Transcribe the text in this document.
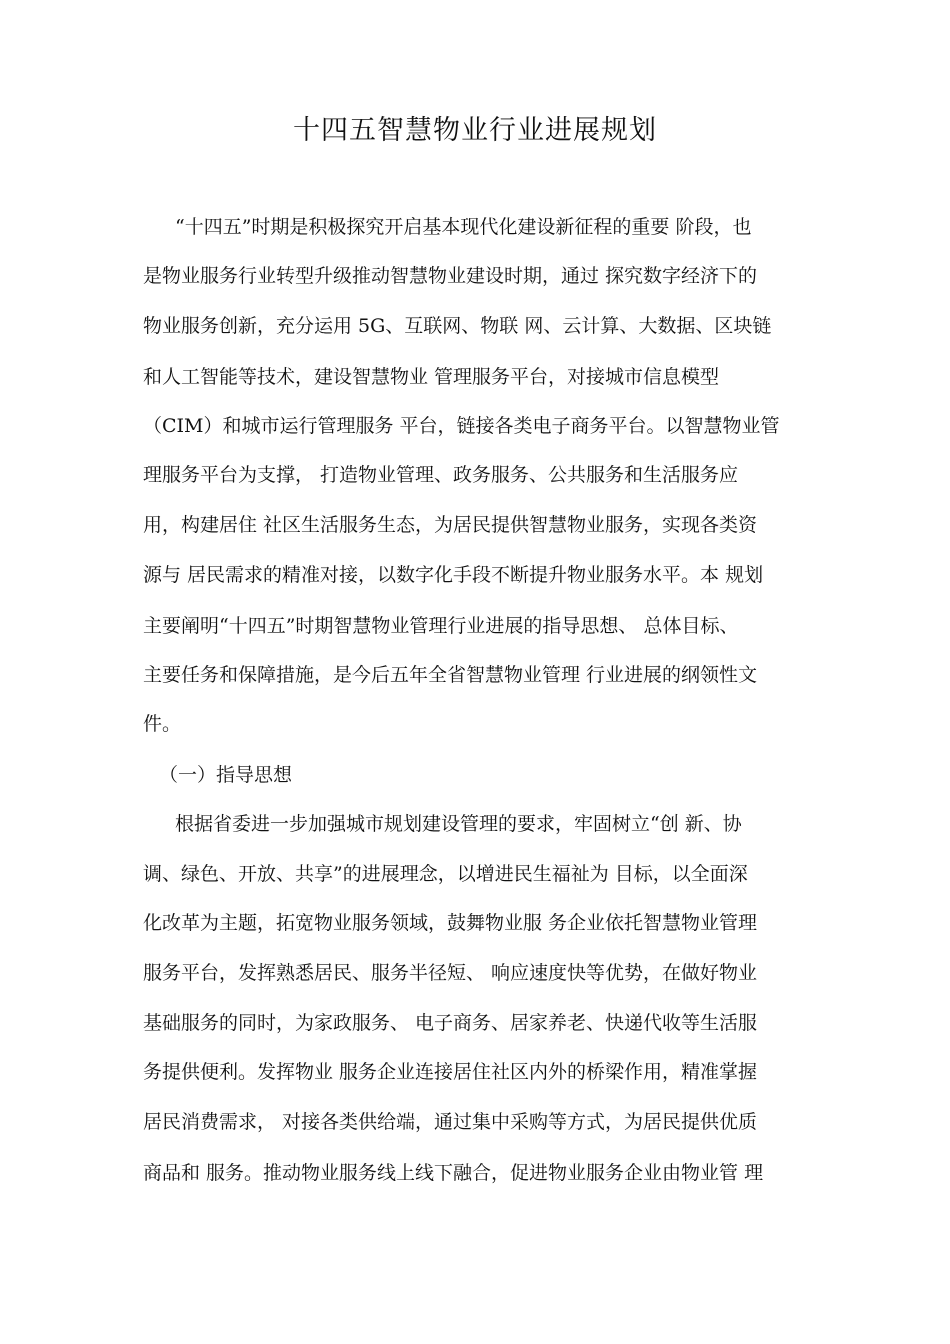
十四五智慧物业行业进展规划
“十四五”时期是积极探究开启基本现代化建设新征程的重要 阶段，也
是物业服务行业转型升级推动智慧物业建设时期，通过 探究数字经济下的
物业服务创新，充分运用 5G、互联网、物联 网、云计算、大数据、区块链
和人工智能等技术，建设智慧物业 管理服务平台，对接城市信息模型
（CIM）和城市运行管理服务 平台，链接各类电子商务平台。以智慧物业管
理服务平台为支撑， 打造物业管理、政务服务、公共服务和生活服务应
用，构建居住 社区生活服务生态，为居民提供智慧物业服务，实现各类资
源与 居民需求的精准对接，以数字化手段不断提升物业服务水平。本 规划
主要阐明“十四五”时期智慧物业管理行业进展的指导思想、 总体目标、
主要任务和保障措施，是今后五年全省智慧物业管理 行业进展的纲领性文
件。
（一）指导思想
根据省委进一步加强城市规划建设管理的要求，牢固树立“创 新、协
调、绿色、开放、共享”的进展理念，以增进民生福祉为 目标，以全面深
化改革为主题，拓宽物业服务领域，鼓舞物业服 务企业依托智慧物业管理
服务平台，发挥熟悉居民、服务半径短、 响应速度快等优势，在做好物业
基础服务的同时，为家政服务、 电子商务、居家养老、快递代收等生活服
务提供便利。发挥物业 服务企业连接居住社区内外的桥梁作用，精准掌握
居民消费需求， 对接各类供给端，通过集中采购等方式，为居民提供优质
商品和 服务。推动物业服务线上线下融合，促进物业服务企业由物业管 理
